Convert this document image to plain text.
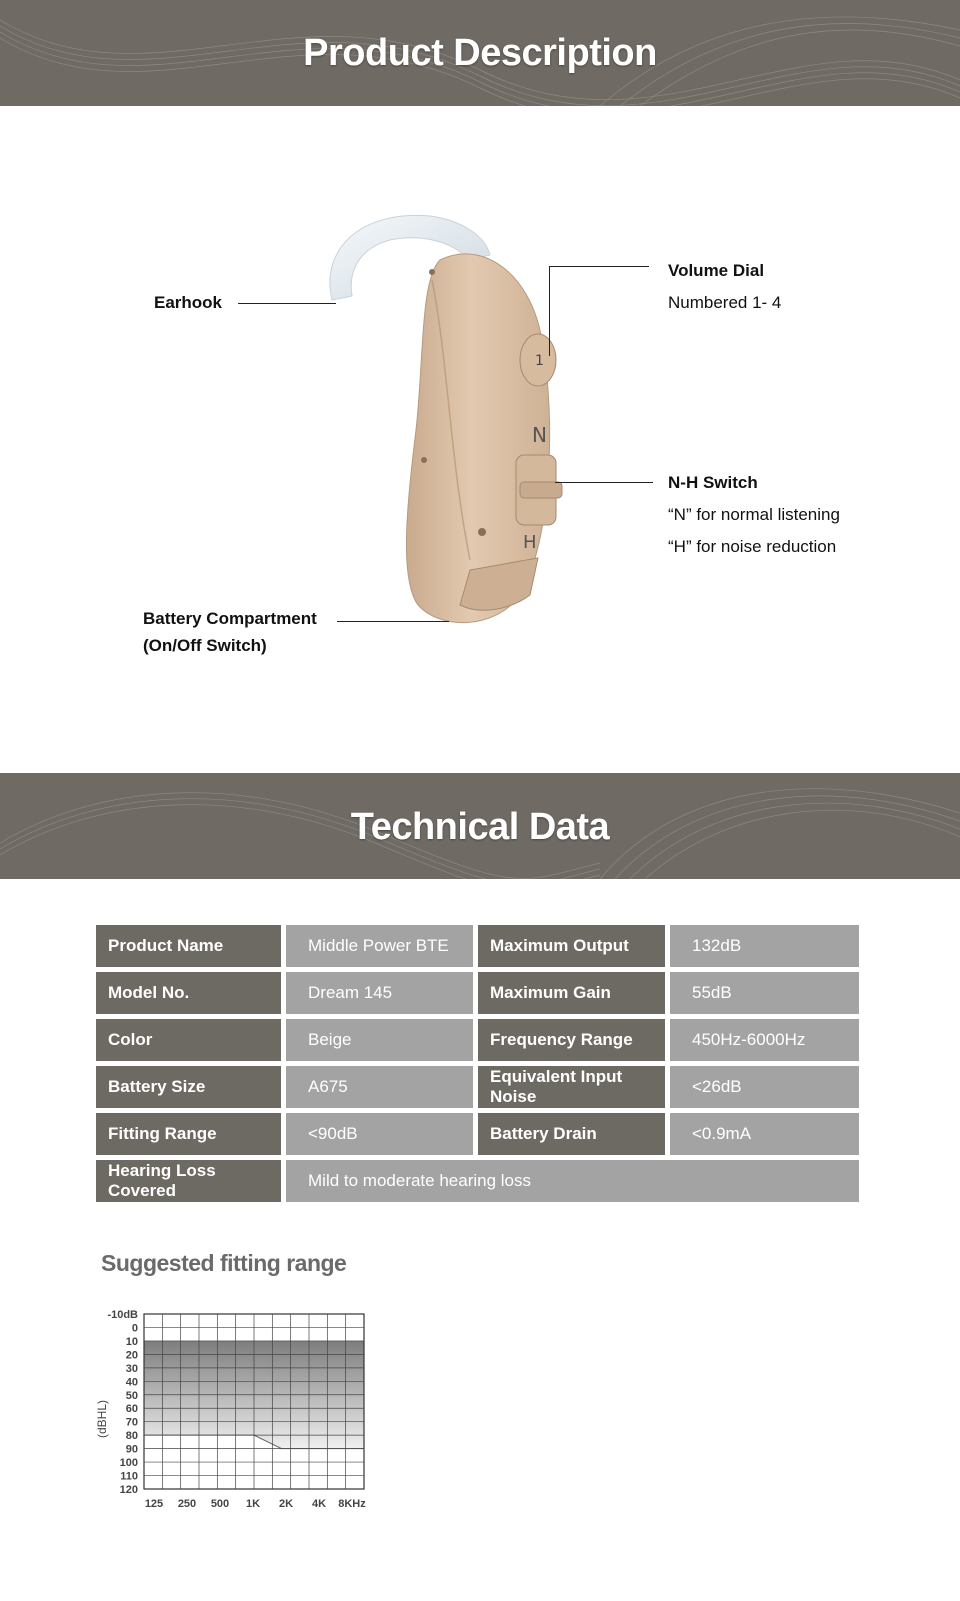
Product Description
1
N
H
Earhook
Volume Dial
Numbered 1- 4
N-H Switch
“N” for normal listening
“H” for noise reduction
Battery Compartment
(On/Off Switch)
Technical Data
Product Name	Middle Power BTE	Maximum Output	132dB
Model No.	Dream 145	Maximum Gain	55dB
Color	Beige	Frequency Range	450Hz-6000Hz
Battery Size	A675	Equivalent Input Noise	<26dB
Fitting Range	<90dB	Battery Drain	<0.9mA
Hearing Loss Covered	Mild to moderate hearing loss		
Suggested fitting range
-10dB
0
10
20
30
40
50
60
70
80
90
100
110
120
125 250 500 1K 2K 4K 8KHz
(dBHL)
